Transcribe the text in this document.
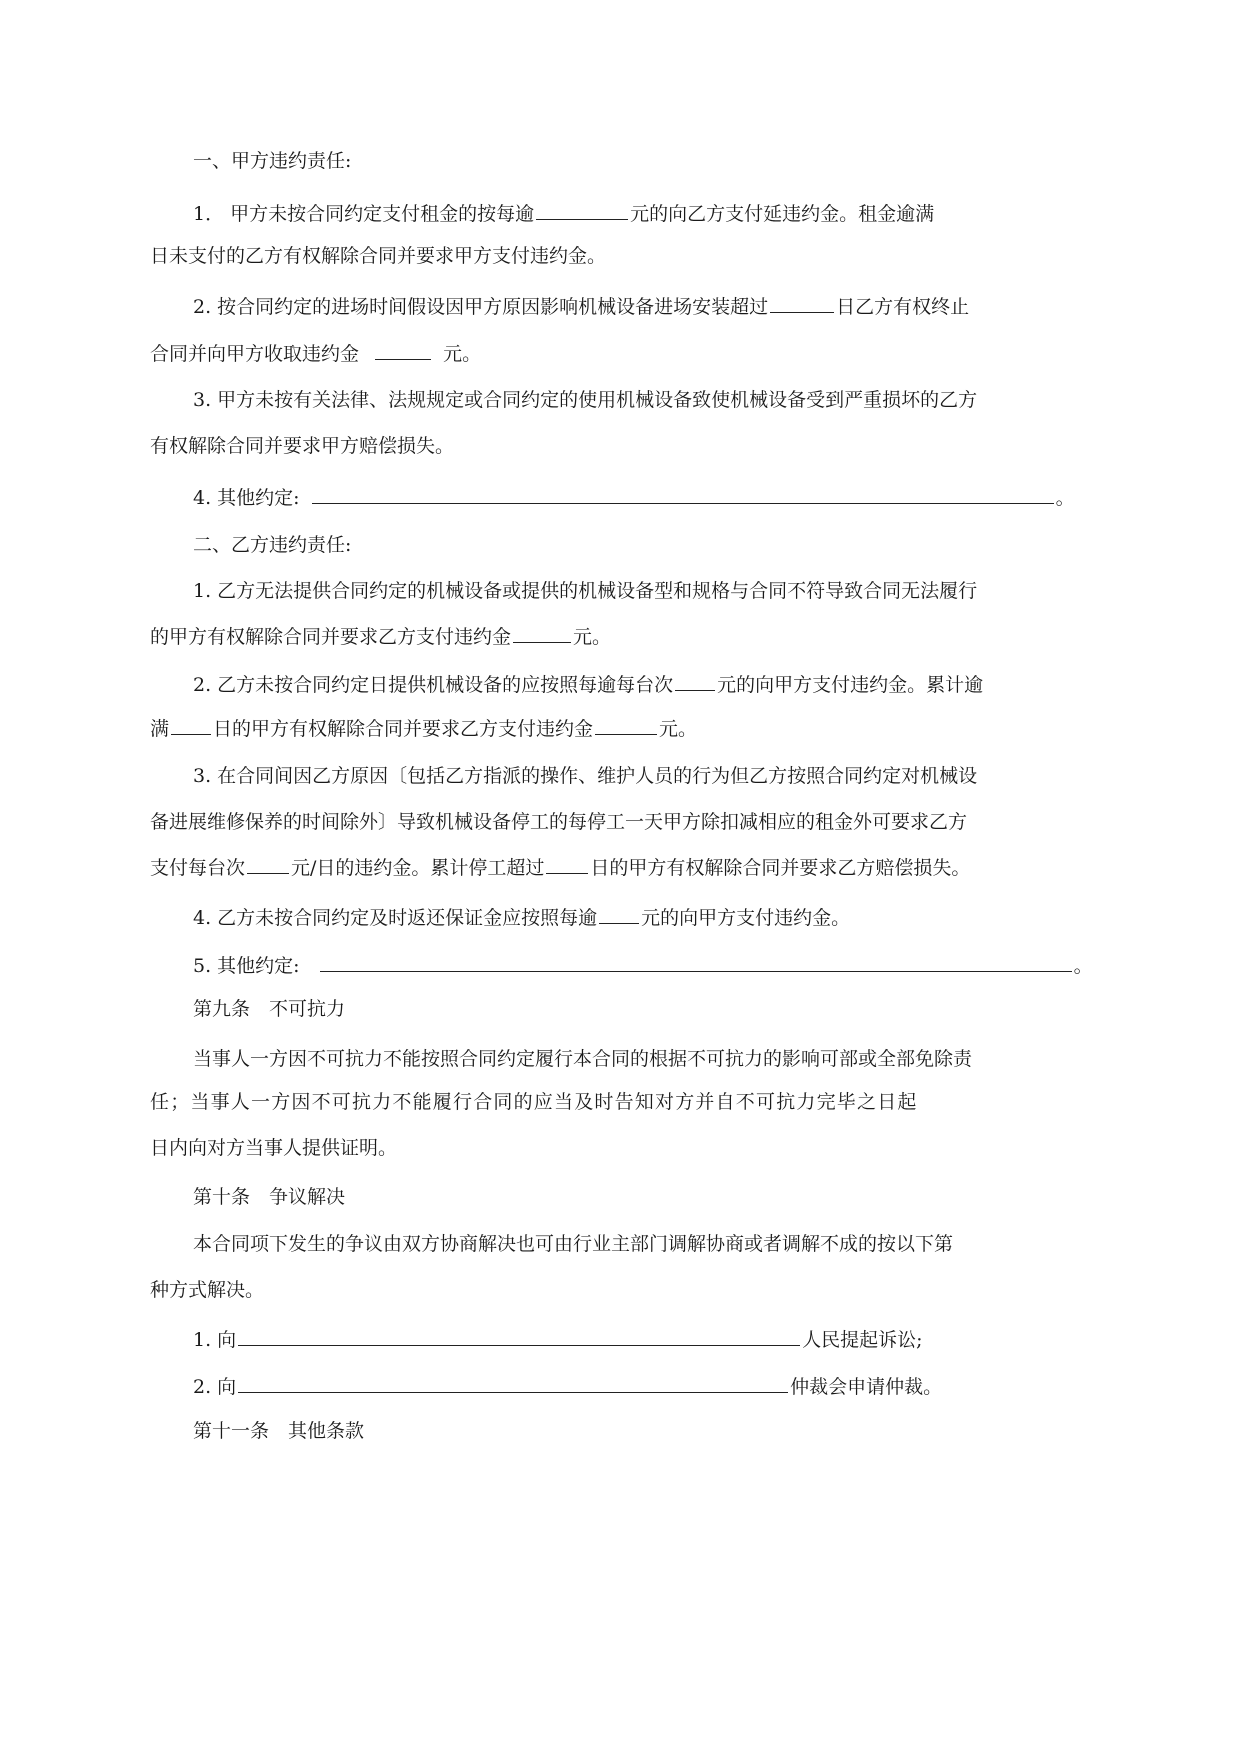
一、甲方违约责任:
1． 甲方未按合同约定支付租金的按每逾	元的向乙方支付延违约金。租金逾满
日未支付的乙方有权解除合同并要求甲方支付违约金。
2. 按合同约定的进场时间假设因甲方原因影响机械设备进场安装超过	日乙方有权终止
合同并向甲方收取违约金	元。
3. 甲方未按有关法律、法规规定或合同约定的使用机械设备致使机械设备受到严重损坏的乙方
有权解除合同并要求甲方赔偿损失。
4. 其他约定:	。
二、乙方违约责任:
1. 乙方无法提供合同约定的机械设备或提供的机械设备型和规格与合同不符导致合同无法履行
的甲方有权解除合同并要求乙方支付违约金	元。
2. 乙方未按合同约定日提供机械设备的应按照每逾每台次 元的向甲方支付违约金。累计逾
满 日的甲方有权解除合同并要求乙方支付违约金	元。
3. 在合同间因乙方原因〔包括乙方指派的操作、维护人员的行为但乙方按照合同约定对机械设
备进展维修保养的时间除外〕导致机械设备停工的每停工一天甲方除扣减相应的租金外可要求乙方
支付每台次 元/日的违约金。累计停工超过 日的甲方有权解除合同并要求乙方赔偿损失。
4. 乙方未按合同约定及时返还保证金应按照每逾 元的向甲方支付违约金。
5. 其他约定:	。
第九条　不可抗力
当事人一方因不可抗力不能按照合同约定履行本合同的根据不可抗力的影响可部或全部免除责
任；当事人一方因不可抗力不能履行合同的应当及时告知对方并自不可抗力完毕之日起
日内向对方当事人提供证明。
第十条　争议解决
本合同项下发生的争议由双方协商解决也可由行业主部门调解协商或者调解不成的按以下第
种方式解决。
1. 向	人民提起诉讼;
2. 向	仲裁会申请仲裁。
第十一条　其他条款
